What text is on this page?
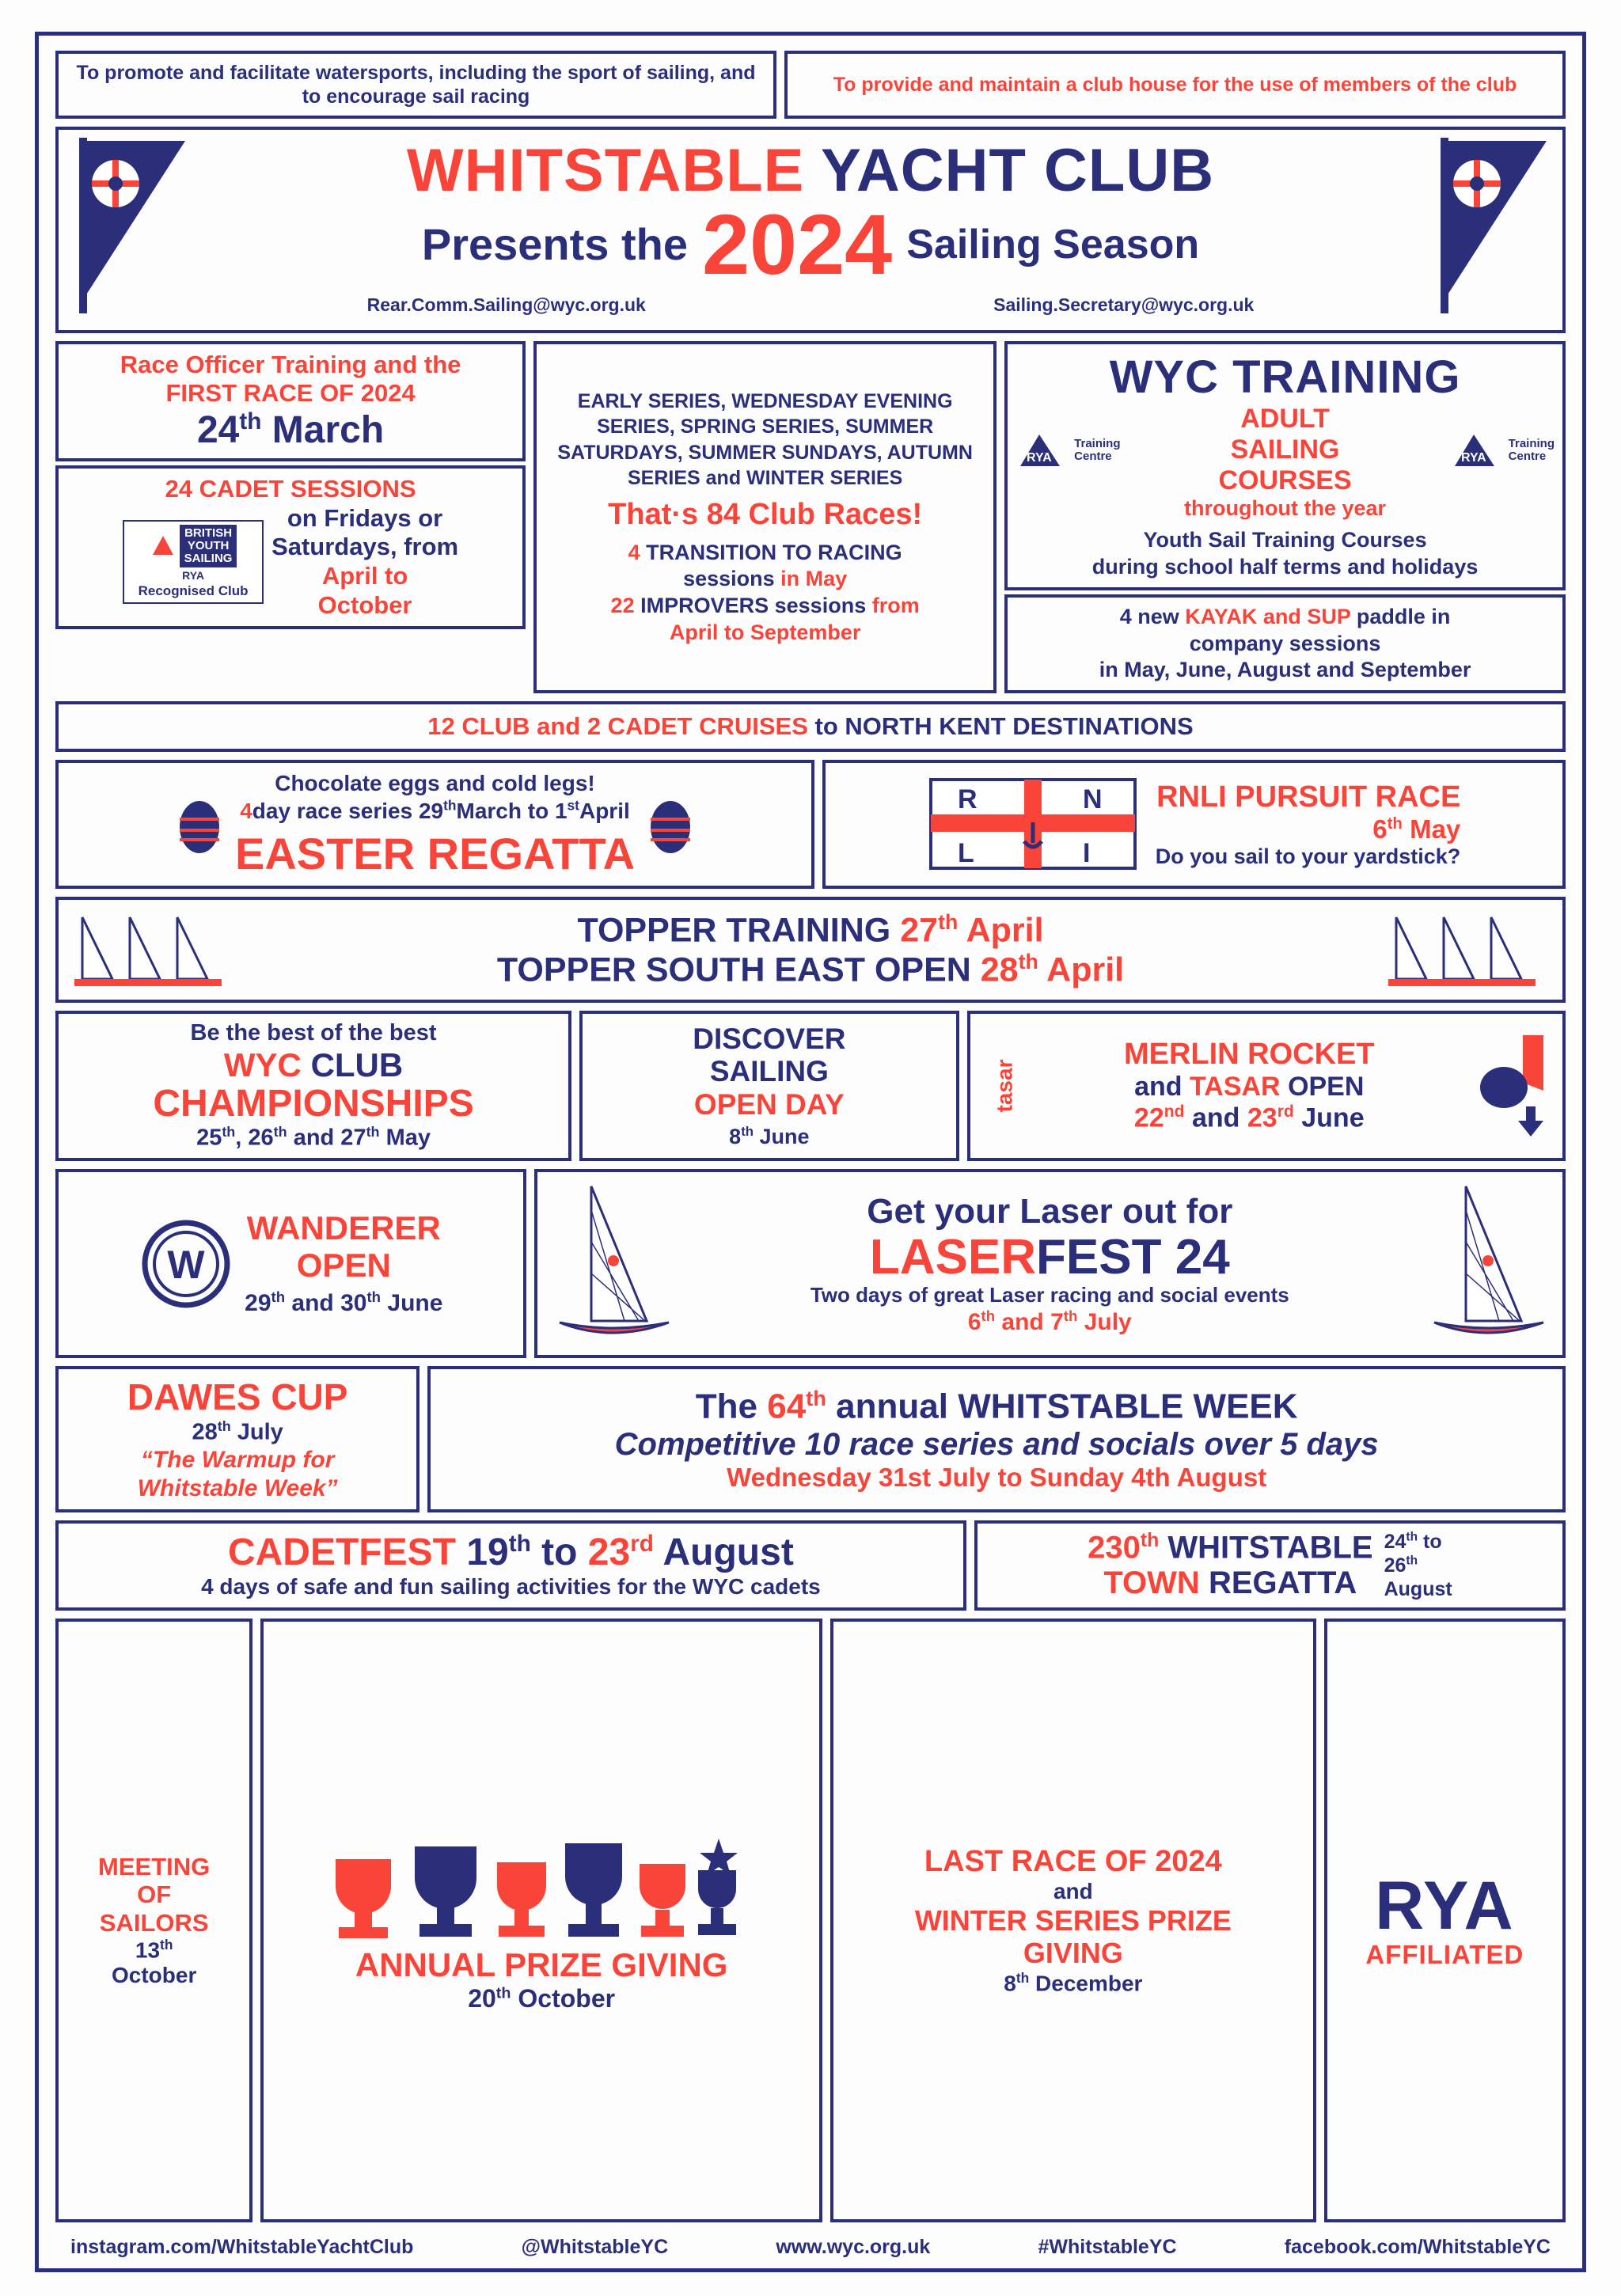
To promote and facilitate watersports, including the sport of sailing, and to encourage sail racing
To provide and maintain a club house for the use of members of the club
WHITSTABLE YACHT CLUB
Presents the 2024 Sailing Season
Rear.Comm.Sailing@wyc.org.uk	Sailing.Secretary@wyc.org.uk
Race Officer Training and the
FIRST RACE OF 2024
24th March
24 CADET SESSIONS
BRITISH
YOUTH
SAILING
RYA
Recognised Club
on Fridays or
Saturdays, from
April to
October
EARLY SERIES, WEDNESDAY EVENING SERIES, SPRING SERIES, SUMMER SATURDAYS, SUMMER SUNDAYS, AUTUMN SERIES and WINTER SERIES
That·s 84 Club Races!
4 TRANSITION TO RACING
sessions in May
22 IMPROVERS sessions from
April to September
WYC TRAINING
RYA
Training
Centre
ADULT
SAILING
COURSES
RYA
Training
Centre
throughout the year
Youth Sail Training Courses
during school half terms and holidays
4 new KAYAK and SUP paddle in
company sessions
in May, June, August and September
12 CLUB and 2 CADET CRUISES to NORTH KENT DESTINATIONS
Chocolate eggs and cold legs!
4day race series 29thMarch to 1stApril
EASTER REGATTA
R	N
L	I
RNLI PURSUIT RACE
6th May
Do you sail to your yardstick?
TOPPER TRAINING 27th April
TOPPER SOUTH EAST OPEN 28th April
Be the best of the best
WYC CLUB
CHAMPIONSHIPS
25th, 26th and 27th May
DISCOVER
SAILING
OPEN DAY
8th June
tasar
MERLIN ROCKET
and TASAR OPEN
22nd and 23rd June
W
WANDERER
OPEN
29th and 30th June
Get your Laser out for
LASERFEST 24
Two days of great Laser racing and social events
6th and 7th July
DAWES CUP
28th July
“The Warmup for
Whitstable Week”
The 64th annual WHITSTABLE WEEK
Competitive 10 race series and socials over 5 days
Wednesday 31st July to Sunday 4th August
CADETFEST 19th to 23rd August
4 days of safe and fun sailing activities for the WYC cadets
230th WHITSTABLE
TOWN REGATTA
24th to
26th
August
MEETING
OF
SAILORS
13th
October	ANNUAL PRIZE GIVING
20th October
LAST RACE OF 2024
and
WINTER SERIES PRIZE
GIVING
8th December
RYA
AFFILIATED
instagram.com/WhitstableYachtClub	@WhitstableYC	www.wyc.org.uk	#WhitstableYC	facebook.com/WhitstableYC
